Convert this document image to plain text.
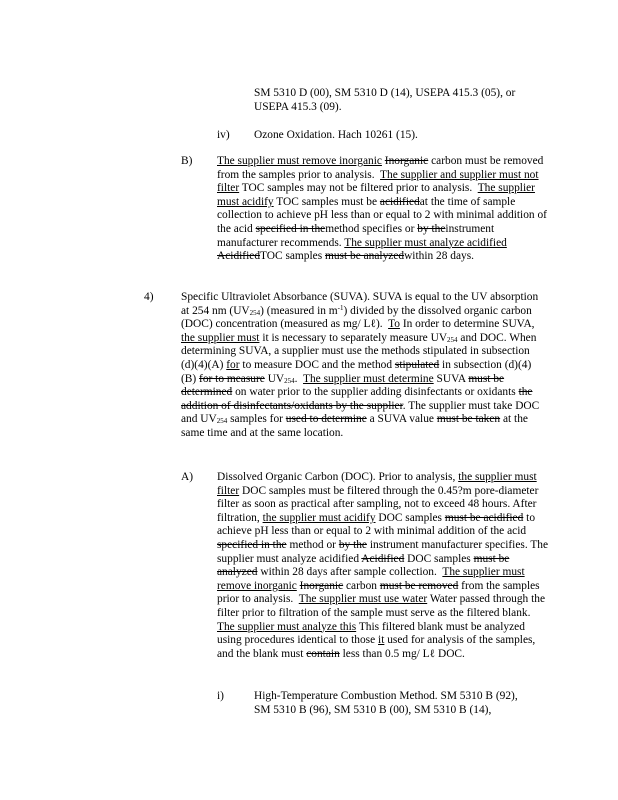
SM 5310 D (00), SM 5310 D (14), USEPA 415.3 (05), or
USEPA 415.3 (09).
iv) Ozone Oxidation. Hach 10261 (15).
B) The supplier must remove inorganic Inorganic carbon must be removed from the samples prior to analysis. The supplier and supplier must not filter TOC samples may not be filtered prior to analysis. The supplier must acidify TOC samples must be acidifiedat the time of sample collection to achieve pH less than or equal to 2 with minimal addition of the acid specified in themethod specifies or by theinstrument manufacturer recommends. The supplier must analyze acidified AcidifiedTOC samples must be analyzedwithin 28 days.
4) Specific Ultraviolet Absorbance (SUVA). SUVA is equal to the UV absorption at 254 nm $(UV_{254})$ (measured in $m^{-1}$) divided by the dissolved organic carbon (DOC) concentration (measured as mg/ Lℓ). To In order to determine SUVA, the supplier must it is necessary to separately measure $UV_{254}$ and DOC. When determining SUVA, a supplier must use the methods stipulated in subsection (d)(4)(A) for to measure DOC and the method stipulated in subsection (d)(4)(B) for to measure $UV_{254}$. The supplier must determine SUVA must be determined on water prior to the supplier adding disinfectants or oxidants the addition of disinfectants/oxidants by the supplier. The supplier must take DOC and $UV_{254}$ samples for used to determine a SUVA value must be taken at the same time and at the same location.
A) Dissolved Organic Carbon (DOC). Prior to analysis, the supplier must filter DOC samples must be filtered through the 0.45?m pore-diameter filter as soon as practical after sampling, not to exceed 48 hours. After filtration, the supplier must acidify DOC samples must be acidified to achieve pH less than or equal to 2 with minimal addition of the acid specified in the method or by the instrument manufacturer specifies. The supplier must analyze acidified Acidified DOC samples must be analyzed within 28 days after sample collection. The supplier must remove inorganic Inorganic carbon must be removed from the samples prior to analysis. The supplier must use water Water passed through the filter prior to filtration of the sample must serve as the filtered blank. The supplier must analyze this This filtered blank must be analyzed using procedures identical to those it used for analysis of the samples, and the blank must contain less than 0.5 mg/ Lℓ DOC.
i)	High-Temperature Combustion Method. SM 5310 B (92),
SM 5310 B (96), SM 5310 B (00), SM 5310 B (14),
